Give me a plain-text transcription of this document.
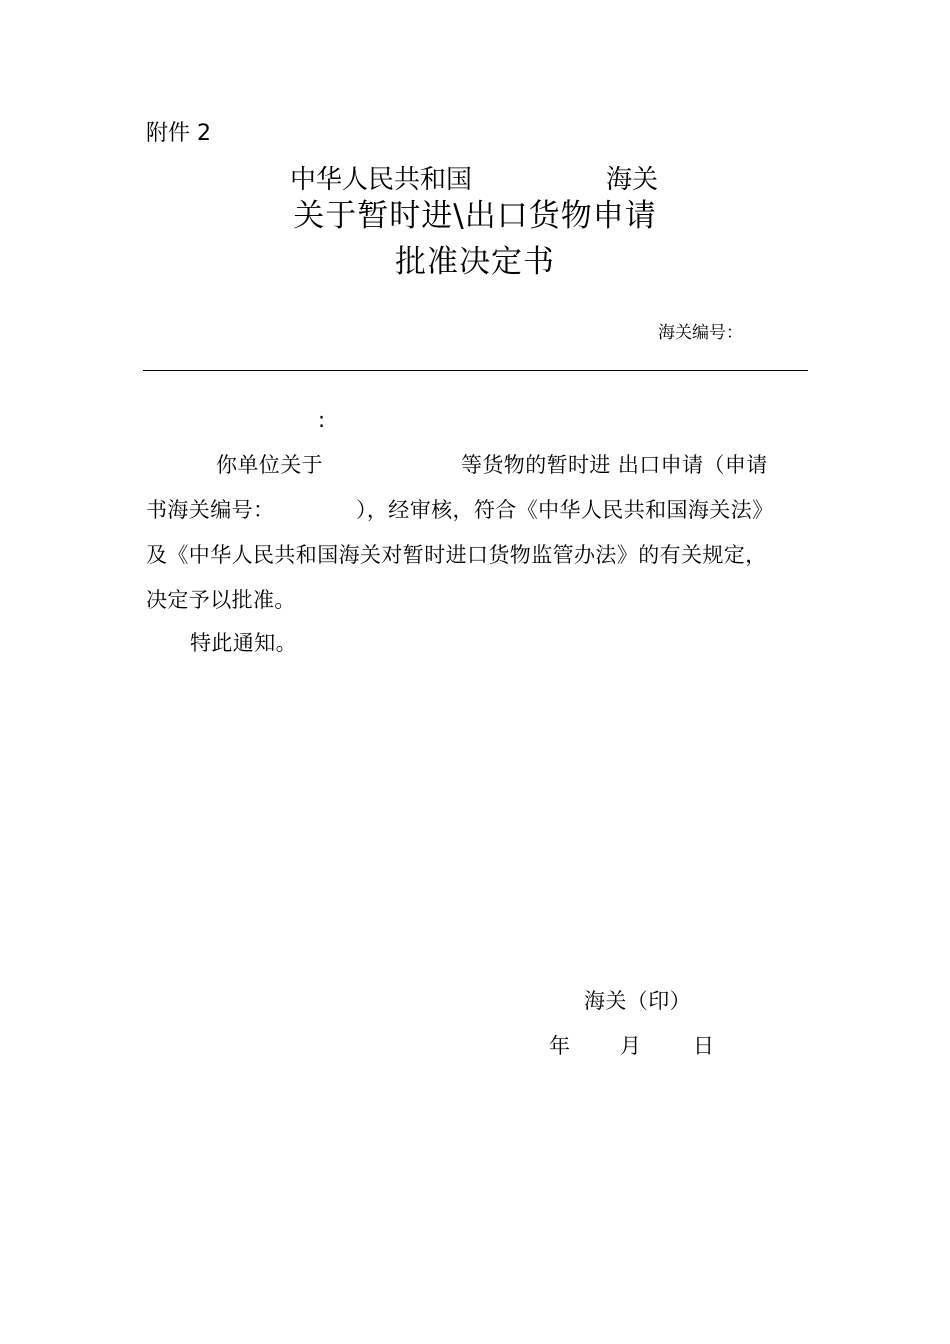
附件 2
中华人民共和国	海关
关于暂时进\出口货物申请
批准决定书
海关编号：
:
你单位关于	等货物的暂时进 出口申请（申请
书海关编号：	），经审核，符合《中华人民共和国海关法》
及《中华人民共和国海关对暂时进口货物监管办法》的有关规定，
决定予以批准。
特此通知。
海关（印）
年 月 日
